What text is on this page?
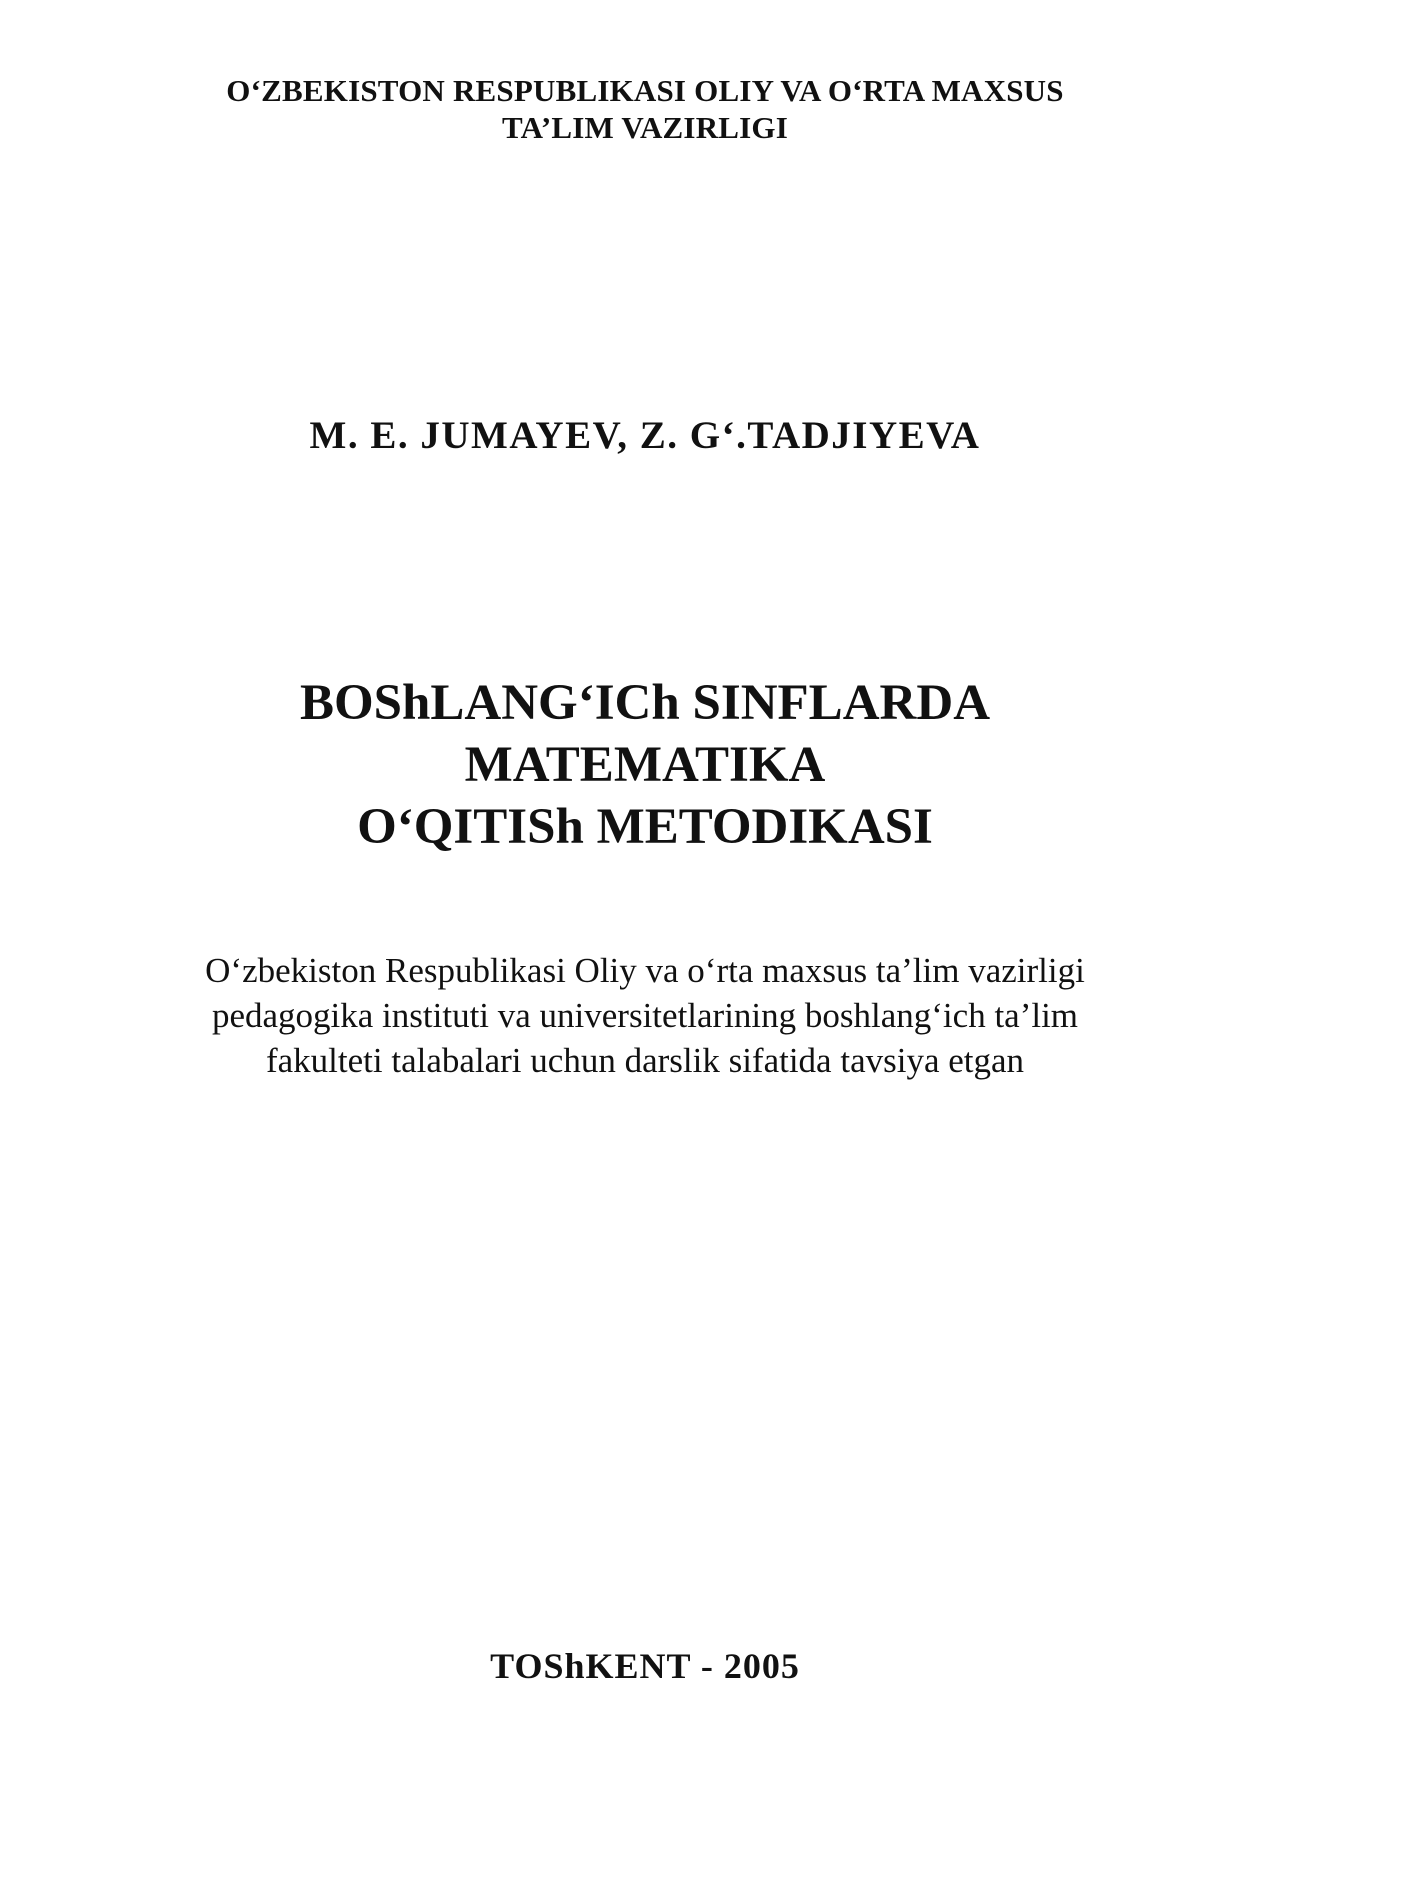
O‘ZBEKISTON RESPUBLIKASI OLIY VA O‘RTA MAXSUS
TA’LIM VAZIRLIGI
M. E. JUMAYEV, Z. G‘.TADJIYEVA
BOShLANG‘ICh SINFLARDA
MATEMATIKA
O‘QITISh METODIKASI
O‘zbekiston Respublikasi Oliy va o‘rta maxsus ta’lim vazirligi
pedagogika instituti va universitetlarining boshlang‘ich ta’lim
fakulteti talabalari uchun darslik sifatida tavsiya etgan
TOShKENT - 2005
